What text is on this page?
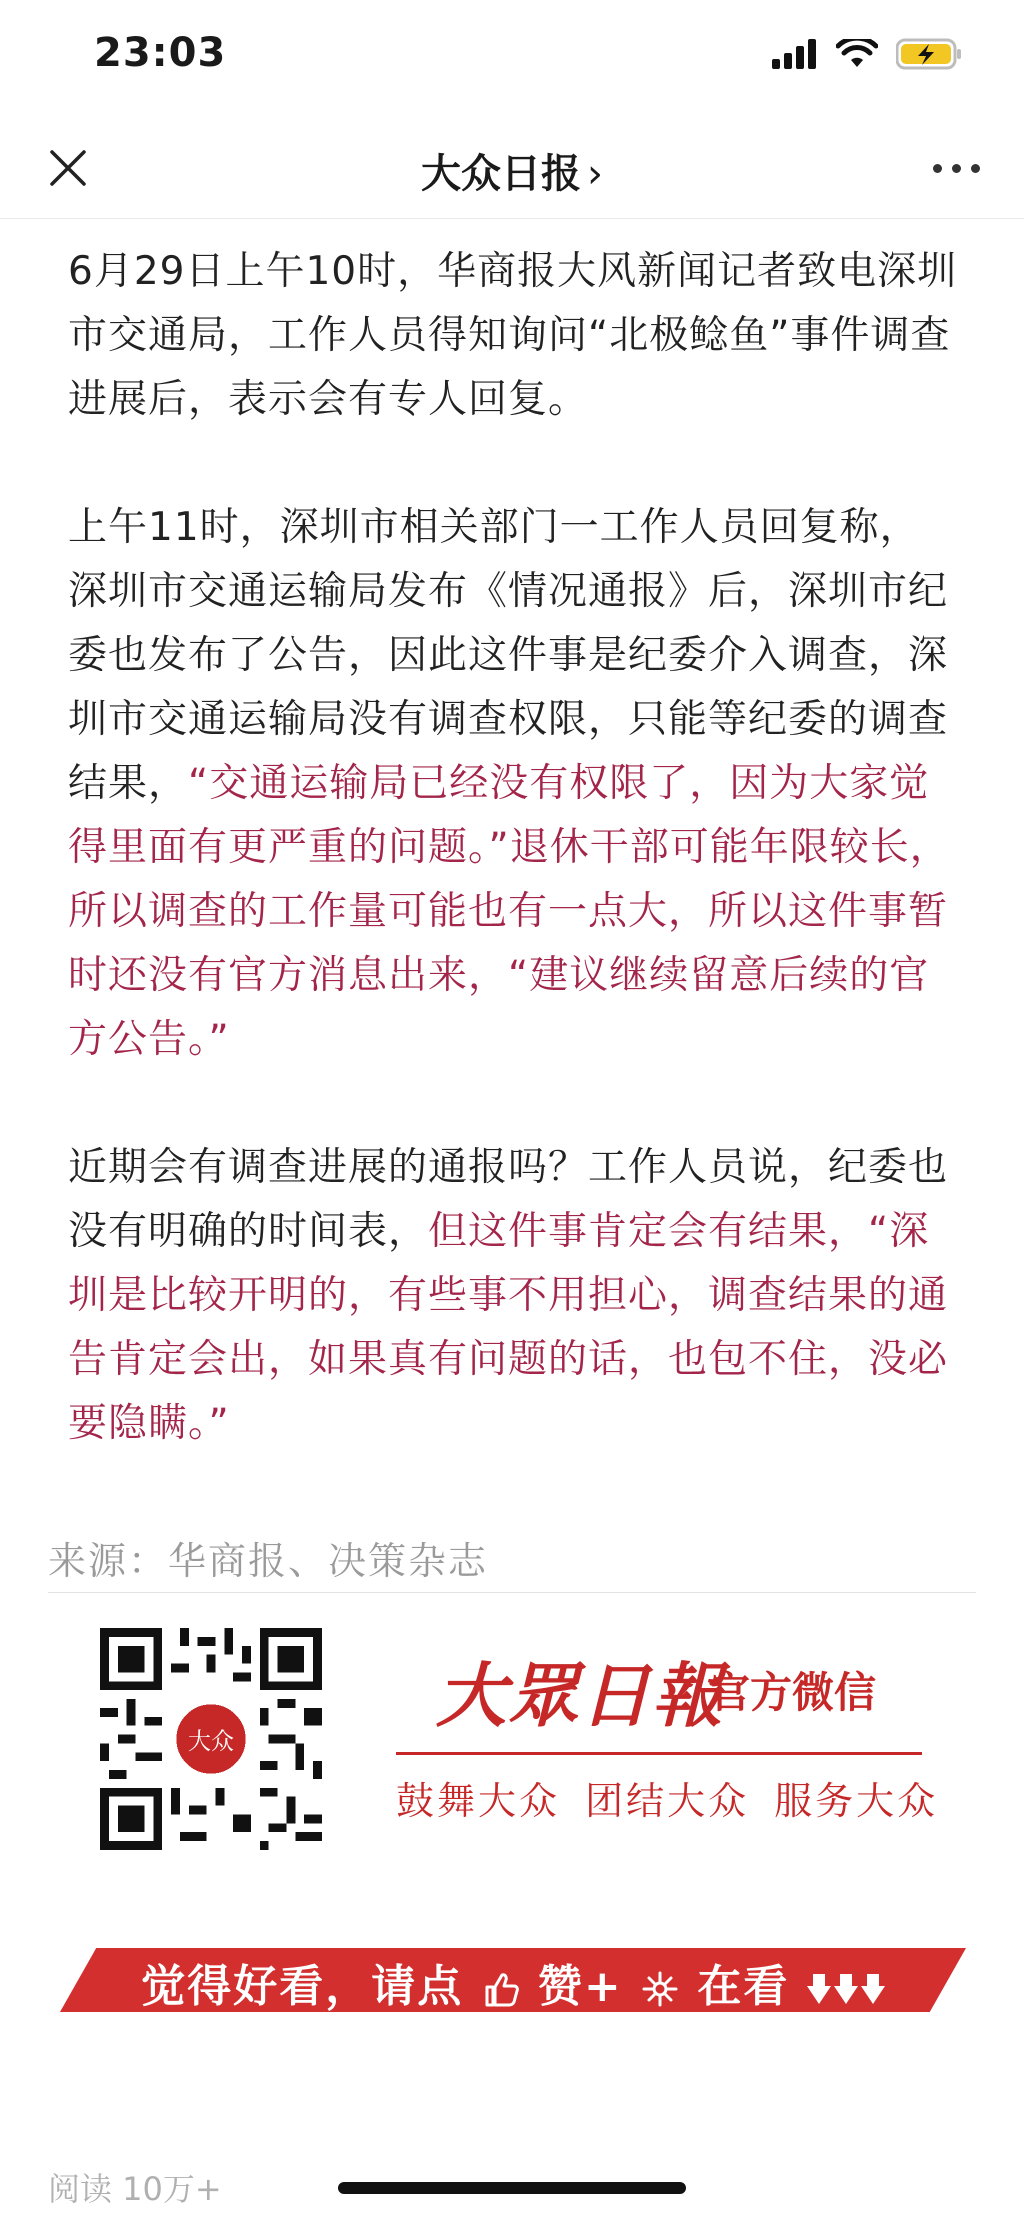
23:03
大众日报 ›

6月29日上午10时，华商报大风新闻记者致电深圳市交通局，工作人员得知询问“北极鲶鱼”事件调查进展后，表示会有专人回复。

上午11时，深圳市相关部门一工作人员回复称，深圳市交通运输局发布《情况通报》后，深圳市纪委也发布了公告，因此这件事是纪委介入调查，深圳市交通运输局没有调查权限，只能等纪委的调查结果，“交通运输局已经没有权限了，因为大家觉得里面有更严重的问题。”退休干部可能年限较长，所以调查的工作量可能也有一点大，所以这件事暂时还没有官方消息出来，“建议继续留意后续的官方公告。”

近期会有调查进展的通报吗？工作人员说，纪委也没有明确的时间表，但这件事肯定会有结果，“深圳是比较开明的，有些事不用担心，调查结果的通告肯定会出，如果真有问题的话，也包不住，没必要隐瞒。”

来源：华商报、决策杂志
大众
大眾日報
官方微信
鼓舞大众 团结大众 服务大众
觉得好看，请点 赞+ 在看
阅读 10万+
